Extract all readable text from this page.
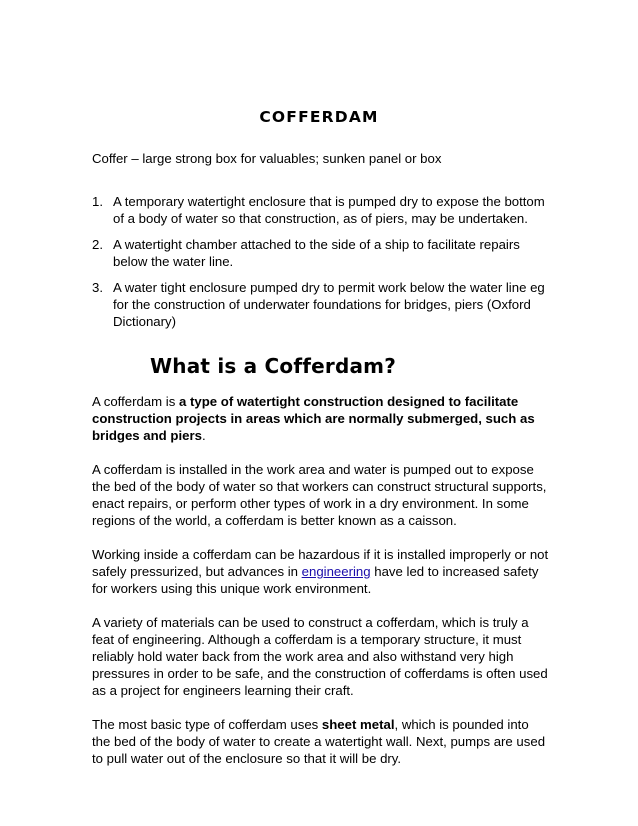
COFFERDAM

Coffer – large strong box for valuables; sunken panel or box

1. A temporary watertight enclosure that is pumped dry to expose the bottom of a body of water so that construction, as of piers, may be undertaken.
2. A watertight chamber attached to the side of a ship to facilitate repairs below the water line.
3. A water tight enclosure pumped dry to permit work below the water line eg for the construction of underwater foundations for bridges, piers (Oxford Dictionary)
What is a Cofferdam?

A cofferdam is a type of watertight construction designed to facilitate construction projects in areas which are normally submerged, such as bridges and piers.

A cofferdam is installed in the work area and water is pumped out to expose the bed of the body of water so that workers can construct structural supports, enact repairs, or perform other types of work in a dry environment. In some regions of the world, a cofferdam is better known as a caisson.

Working inside a cofferdam can be hazardous if it is installed improperly or not safely pressurized, but advances in engineering have led to increased safety for workers using this unique work environment.

A variety of materials can be used to construct a cofferdam, which is truly a feat of engineering. Although a cofferdam is a temporary structure, it must reliably hold water back from the work area and also withstand very high pressures in order to be safe, and the construction of cofferdams is often used as a project for engineers learning their craft.

The most basic type of cofferdam uses sheet metal, which is pounded into the bed of the body of water to create a watertight wall. Next, pumps are used to pull water out of the enclosure so that it will be dry.
